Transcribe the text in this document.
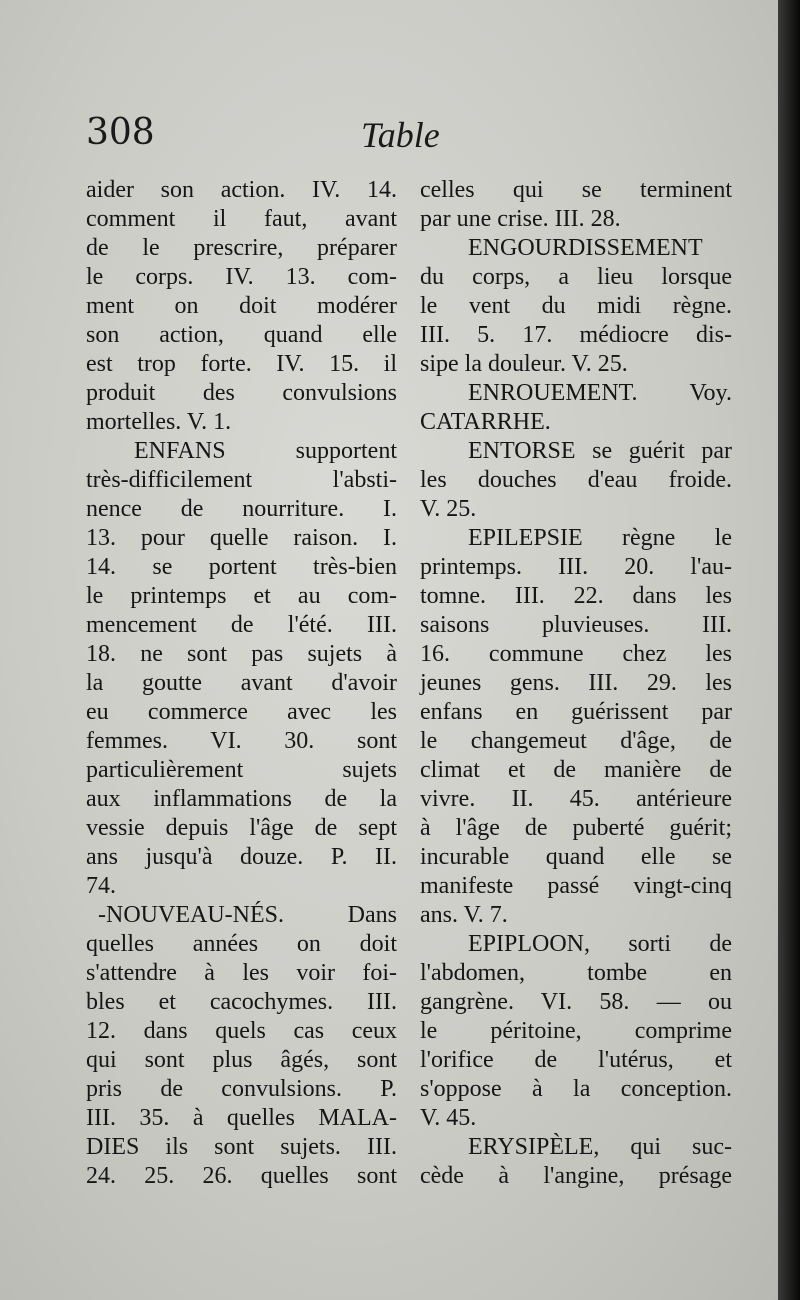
308	Table
aider son action. IV. 14.
comment il faut, avant
de le prescrire, préparer
le corps. IV. 13. com-
ment on doit modérer
son action, quand elle
est trop forte. IV. 15. il
produit des convulsions
mortelles. V. 1.
ENFANS supportent
très-difficilement l'absti-
nence de nourriture. I.
13. pour quelle raison. I.
14. se portent très-bien
le printemps et au com-
mencement de l'été. III.
18. ne sont pas sujets à
la goutte avant d'avoir
eu commerce avec les
femmes. VI. 30. sont
particulièrement sujets
aux inflammations de la
vessie depuis l'âge de sept
ans jusqu'à douze. P. II.
74.
-NOUVEAU-NÉS. Dans
quelles années on doit
s'attendre à les voir foi-
bles et cacochymes. III.
12. dans quels cas ceux
qui sont plus âgés, sont
pris de convulsions. P.
III. 35. à quelles MALA-
DIES ils sont sujets. III.
24. 25. 26. quelles sont
celles qui se terminent
par une crise. III. 28.
ENGOURDISSEMENT
du corps, a lieu lorsque
le vent du midi règne.
III. 5. 17. médiocre dis-
sipe la douleur. V. 25.
ENROUEMENT. Voy.
CATARRHE.
ENTORSE se guérit par
les douches d'eau froide.
V. 25.
EPILEPSIE règne le
printemps. III. 20. l'au-
tomne. III. 22. dans les
saisons pluvieuses. III.
16. commune chez les
jeunes gens. III. 29. les
enfans en guérissent par
le changemeut d'âge, de
climat et de manière de
vivre. II. 45. antérieure
à l'âge de puberté guérit;
incurable quand elle se
manifeste passé vingt-cinq
ans. V. 7.
EPIPLOON, sorti de
l'abdomen, tombe en
gangrène. VI. 58. — ou
le péritoine, comprime
l'orifice de l'utérus, et
s'oppose à la conception.
V. 45.
ERYSIPÈLE, qui suc-
cède à l'angine, présage
